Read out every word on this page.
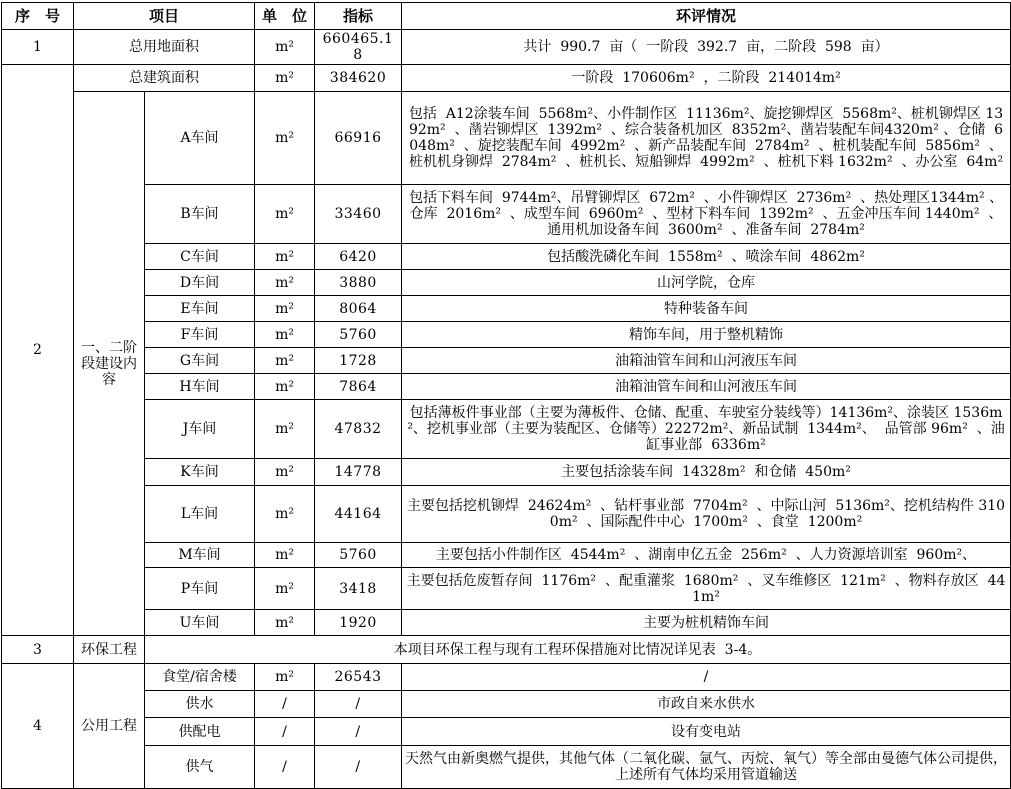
序　号	项目		单　位	指标	环评情况
1	总用地面积		m²	660465.18	共计  990.7  亩（  一阶段  392.7  亩，二阶段  598  亩）
2	总建筑面积		m²	384620	一阶段  170606m²  ，二阶段  214014m²
	一、二阶段建设内容	A车间	m²	66916	包括  A12涂装车间  5568m²、小件制作区  11136m²、旋挖铆焊区  5568m²、桩机铆焊区 1392m²  、凿岩铆焊区  1392m²  、综合装备机加区  8352m²、凿岩装配车间4320m² 、仓储  6048m²  、旋挖装配车间  4992m²  、新产品装配车间  2784m²  、桩机装配车间  5856m²  、桩机机身铆焊  2784m²  、桩机长、短船铆焊  4992m²  、桩机下料 1632m²  、办公室  64m²
		B车间	m²	33460	包括下料车间  9744m²、吊臂铆焊区  672m²  、小件铆焊区  2736m²  、热处理区1344m² 、仓库  2016m²  、成型车间  6960m²  、型材下料车间  1392m²  、五金冲压车间 1440m²  、通用机加设备车间  3600m²  、准备车间  2784m²
		C车间	m²	6420	包括酸洗磷化车间  1558m²  、喷涂车间  4862m²
		D车间	m²	3880	山河学院，仓库
		E车间	m²	8064	特种装备车间
		F车间	m²	5760	精饰车间，用于整机精饰
		G车间	m²	1728	油箱油管车间和山河液压车间
		H车间	m²	7864	油箱油管车间和山河液压车间
		J车间	m²	47832	包括薄板件事业部（主要为薄板件、仓储、配重、车驶室分装线等）14136m²、涂装区 1536m²、挖机事业部（主要为装配区、仓储等）22272m²、新品试制  1344m²、  品管部 96m²  、油缸事业部  6336m²
		K车间	m²	14778	主要包括涂装车间  14328m²  和仓储  450m²
		L车间	m²	44164	主要包括挖机铆焊  24624m²  、钻杆事业部  7704m²  、中际山河  5136m²、挖机结构件 3100m²  、国际配件中心  1700m²  、食堂  1200m²
		M车间	m²	5760	主要包括小件制作区  4544m²  、湖南申亿五金  256m²  、人力资源培训室  960m²、
		P车间	m²	3418	主要包括危废暂存间  1176m²  、配重灌浆  1680m²  、叉车维修区  121m²  、物料存放区  441m²
		U车间	m²	1920	主要为桩机精饰车间
3	环保工程	本项目环保工程与现有工程环保措施对比情况详见表  3-4。			
4	公用工程	食堂/宿舍楼	m²	26543	/
		供水	/	/	市政自来水供水
		供配电	/	/	设有变电站
		供气	/	/	天然气由新奥燃气提供，其他气体（二氧化碳、氩气、丙烷、氧气）等全部由曼德气体公司提供，上述所有气体均采用管道输送
